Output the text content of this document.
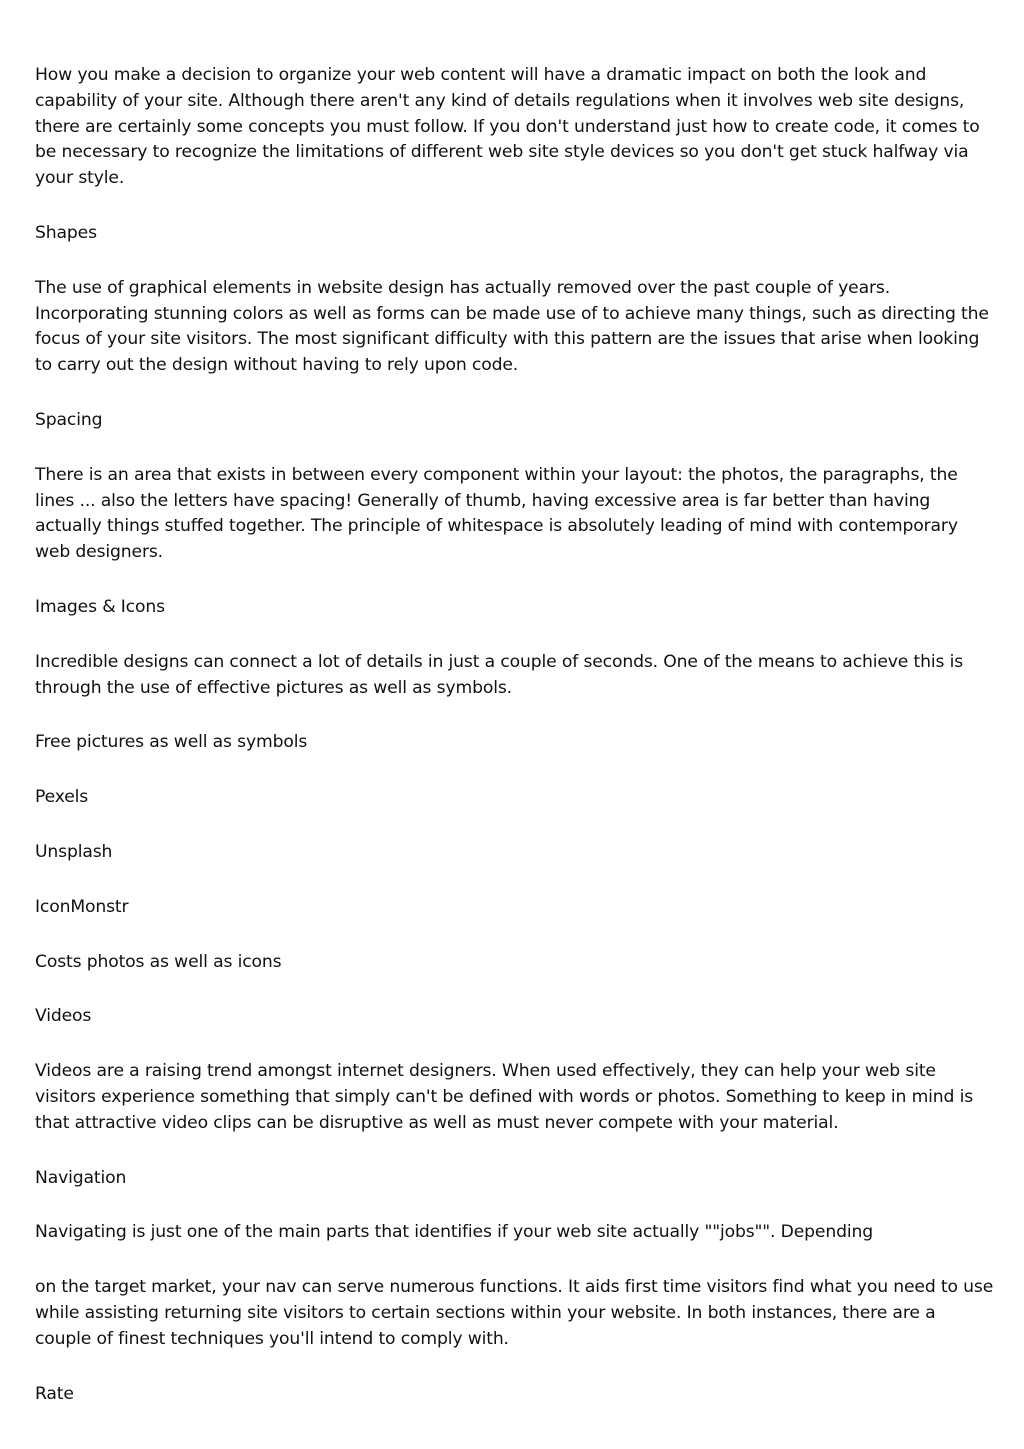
How you make a decision to organize your web content will have a dramatic impact on both the look and capability of your site. Although there aren't any kind of details regulations when it involves web site designs, there are certainly some concepts you must follow. If you don't understand just how to create code, it comes to be necessary to recognize the limitations of different web site style devices so you don't get stuck halfway via your style.

Shapes

The use of graphical elements in website design has actually removed over the past couple of years. Incorporating stunning colors as well as forms can be made use of to achieve many things, such as directing the focus of your site visitors. The most significant difficulty with this pattern are the issues that arise when looking to carry out the design without having to rely upon code.

Spacing

There is an area that exists in between every component within your layout: the photos, the paragraphs, the lines ... also the letters have spacing! Generally of thumb, having excessive area is far better than having actually things stuffed together. The principle of whitespace is absolutely leading of mind with contemporary web designers.

Images & Icons

Incredible designs can connect a lot of details in just a couple of seconds. One of the means to achieve this is through the use of effective pictures as well as symbols.

Free pictures as well as symbols

Pexels

Unsplash

IconMonstr

Costs photos as well as icons

Videos

Videos are a raising trend amongst internet designers. When used effectively, they can help your web site visitors experience something that simply can't be defined with words or photos. Something to keep in mind is that attractive video clips can be disruptive as well as must never compete with your material.

Navigation

Navigating is just one of the main parts that identifies if your web site actually ""jobs"". Depending

on the target market, your nav can serve numerous functions. It aids first time visitors find what you need to use while assisting returning site visitors to certain sections within your website. In both instances, there are a couple of finest techniques you'll intend to comply with.

Rate
